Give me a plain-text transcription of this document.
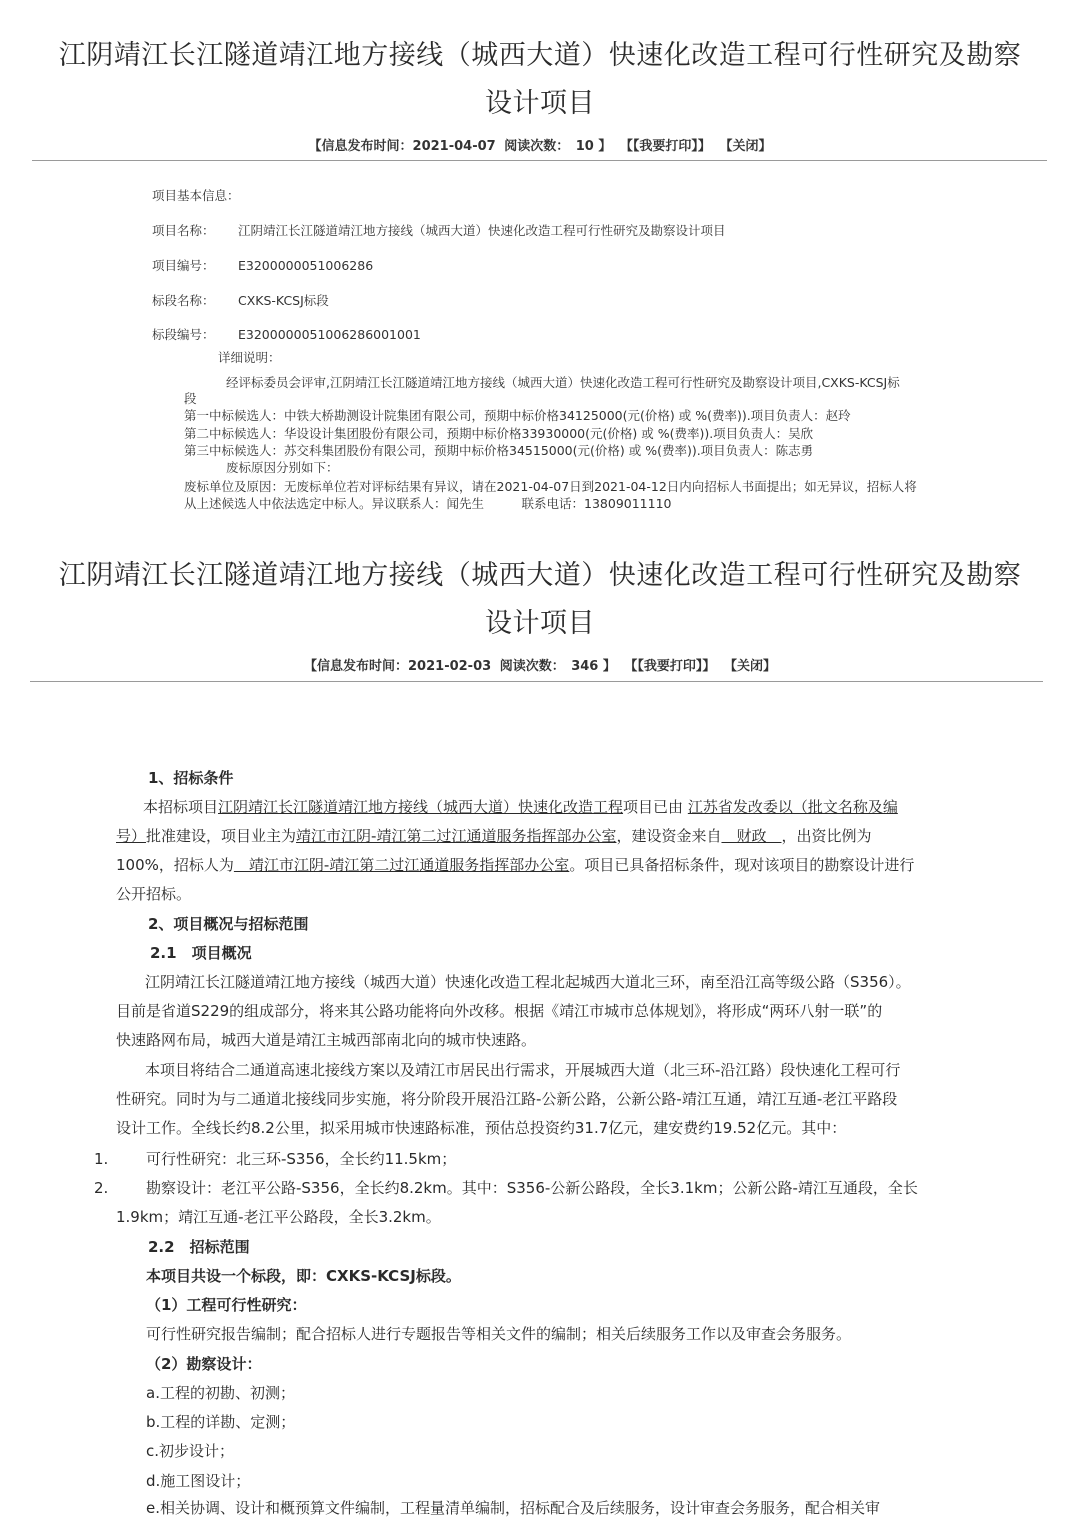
江阴靖江长江隧道靖江地方接线（城西大道）快速化改造工程可行性研究及勘察
设计项目
【信息发布时间：2021-04-07 阅读次数：　10 】 【【我要打印】】 【关闭】
项目基本信息：
项目名称： 江阴靖江长江隧道靖江地方接线（城西大道）快速化改造工程可行性研究及勘察设计项目
项目编号： E3200000051006286
标段名称： CXKS-KCSJ标段
标段编号： E3200000051006286001001
详细说明：
经评标委员会评审,江阴靖江长江隧道靖江地方接线（城西大道）快速化改造工程可行性研究及勘察设计项目,CXKS-KCSJ标
段
第一中标候选人：中铁大桥勘测设计院集团有限公司，预期中标价格34125000(元(价格) 或 %(费率)).项目负责人：赵玲
第二中标候选人：华设设计集团股份有限公司，预期中标价格33930000(元(价格) 或 %(费率)).项目负责人：吴欣
第三中标候选人：苏交科集团股份有限公司，预期中标价格34515000(元(价格) 或 %(费率)).项目负责人：陈志勇
废标原因分别如下：
废标单位及原因：无废标单位若对评标结果有异议，请在2021-04-07日到2021-04-12日内向招标人书面提出；如无异议，招标人将
从上述候选人中依法选定中标人。异议联系人：闻先生　　　联系电话：13809011110
江阴靖江长江隧道靖江地方接线（城西大道）快速化改造工程可行性研究及勘察
设计项目
【信息发布时间：2021-02-03 阅读次数：　346 】 【【我要打印】】 【关闭】
1、招标条件
本招标项目江阴靖江长江隧道靖江地方接线（城西大道）快速化改造工程项目已由 江苏省发改委以（批文名称及编
号）批准建设，项目业主为靖江市江阴-靖江第二过江通道服务指挥部办公室，建设资金来自　财政　，出资比例为
100%，招标人为　靖江市江阴-靖江第二过江通道服务指挥部办公室。项目已具备招标条件，现对该项目的勘察设计进行
公开招标。
2、项目概况与招标范围
2.1　项目概况
江阴靖江长江隧道靖江地方接线（城西大道）快速化改造工程北起城西大道北三环，南至沿江高等级公路（S356）。
目前是省道S229的组成部分，将来其公路功能将向外改移。根据《靖江市城市总体规划》，将形成“两环八射一联”的
快速路网布局，城西大道是靖江主城西部南北向的城市快速路。
本项目将结合二通道高速北接线方案以及靖江市居民出行需求，开展城西大道（北三环-沿江路）段快速化工程可行
性研究。同时为与二通道北接线同步实施，将分阶段开展沿江路-公新公路，公新公路-靖江互通，靖江互通-老江平路段
设计工作。全线长约8.2公里，拟采用城市快速路标准，预估总投资约31.7亿元，建安费约19.52亿元。其中：
1.	可行性研究：北三环-S356，全长约11.5km；
2.	勘察设计：老江平公路-S356，全长约8.2km。其中：S356-公新公路段，全长3.1km；公新公路-靖江互通段，全长
1.9km；靖江互通-老江平公路段，全长3.2km。
2.2　招标范围
本项目共设一个标段，即：CXKS-KCSJ标段。
（1）工程可行性研究：
可行性研究报告编制；配合招标人进行专题报告等相关文件的编制；相关后续服务工作以及审查会务服务。
（2）勘察设计：
a.工程的初勘、初测；
b.工程的详勘、定测；
c.初步设计；
d.施工图设计；
e.相关协调、设计和概预算文件编制，工程量清单编制，招标配合及后续服务，设计审查会务服务，配合相关审
